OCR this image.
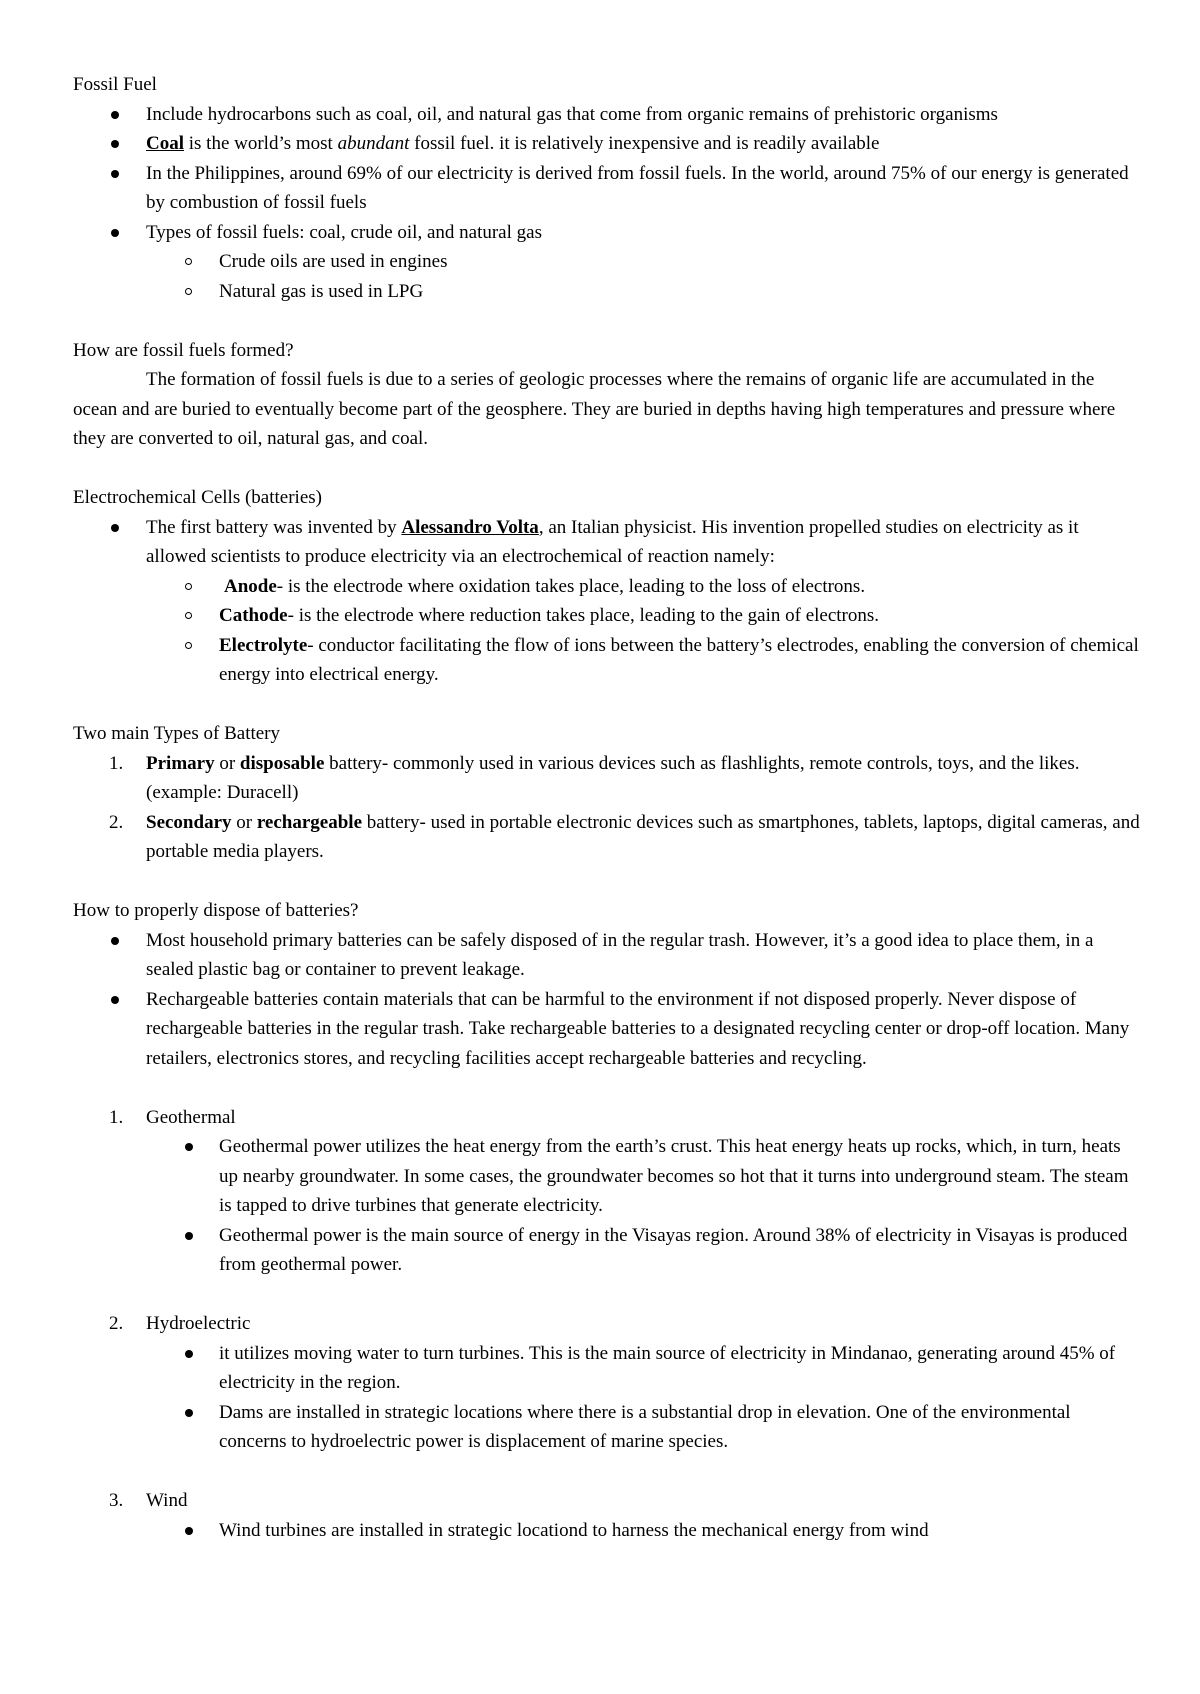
Fossil Fuel

Include hydrocarbons such as coal, oil, and natural gas that come from organic remains of prehistoric organisms
Coal is the world’s most abundant fossil fuel. it is relatively inexpensive and is readily available
In the Philippines, around 69% of our electricity is derived from fossil fuels. In the world, around 75% of our energy is generated by combustion of fossil fuels
Types of fossil fuels: coal, crude oil, and natural gas
Crude oils are used in engines
Natural gas is used in LPG

How are fossil fuels formed?

The formation of fossil fuels is due to a series of geologic processes where the remains of organic life are accumulated in the ocean and are buried to eventually become part of the geosphere. They are buried in depths having high temperatures and pressure where they are converted to oil, natural gas, and coal.

Electrochemical Cells (batteries)

The first battery was invented by Alessandro Volta, an Italian physicist. His invention propelled studies on electricity as it allowed scientists to produce electricity via an electrochemical of reaction namely:
Anode- is the electrode where oxidation takes place, leading to the loss of electrons.
Cathode- is the electrode where reduction takes place, leading to the gain of electrons.
Electrolyte- conductor facilitating the flow of ions between the battery’s electrodes, enabling the conversion of chemical energy into electrical energy.

Two main Types of Battery

1. Primary or disposable battery- commonly used in various devices such as flashlights, remote controls, toys, and the likes. (example: Duracell)
2. Secondary or rechargeable battery- used in portable electronic devices such as smartphones, tablets, laptops, digital cameras, and portable media players.

How to properly dispose of batteries?

Most household primary batteries can be safely disposed of in the regular trash. However, it’s a good idea to place them, in a sealed plastic bag or container to prevent leakage.
Rechargeable batteries contain materials that can be harmful to the environment if not disposed properly. Never dispose of rechargeable batteries in the regular trash. Take rechargeable batteries to a designated recycling center or drop-off location. Many retailers, electronics stores, and recycling facilities accept rechargeable batteries and recycling.
1. Geothermal
Geothermal power utilizes the heat energy from the earth’s crust. This heat energy heats up rocks, which, in turn, heats up nearby groundwater. In some cases, the groundwater becomes so hot that it turns into underground steam. The steam is tapped to drive turbines that generate electricity.
Geothermal power is the main source of energy in the Visayas region. Around 38% of electricity in Visayas is produced from geothermal power.
2. Hydroelectric
it utilizes moving water to turn turbines. This is the main source of electricity in Mindanao, generating around 45% of electricity in the region.
Dams are installed in strategic locations where there is a substantial drop in elevation. One of the environmental concerns to hydroelectric power is displacement of marine species.
3. Wind
Wind turbines are installed in strategic locationd to harness the mechanical energy from wind
